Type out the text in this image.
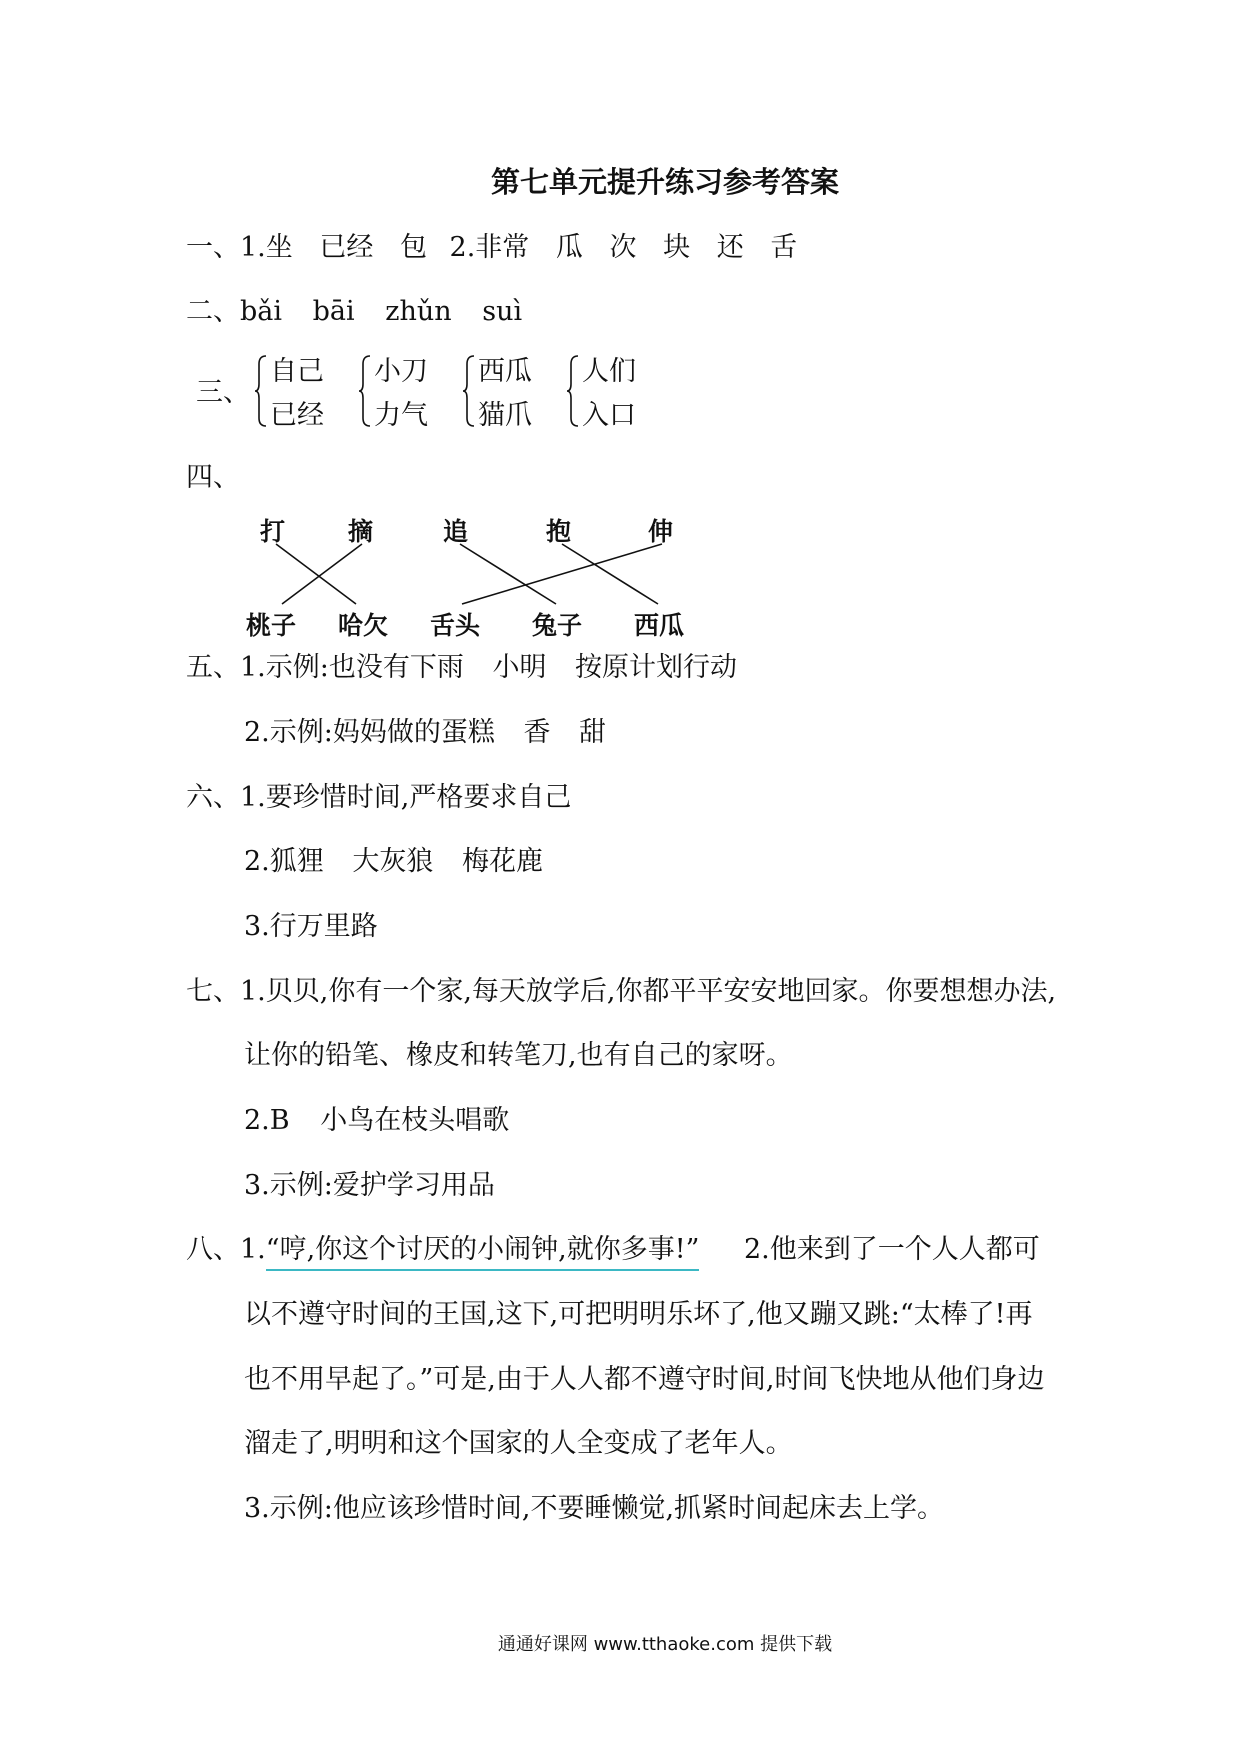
第七单元提升练习参考答案
一、1.坐 已经 包 2.非常 瓜 次 块 还 舌
二、bǎi bāi zhǔn suì
三、
自己
已经
小刀
力气
西瓜
猫爪
人们
入口
四、
打	摘	追	抱	伸
桃子 哈欠 舌头 兔子 西瓜
五、1.示例:也没有下雨 小明 按原计划行动
2.示例:妈妈做的蛋糕 香 甜
六、1.要珍惜时间,严格要求自己
2.狐狸 大灰狼 梅花鹿
3.行万里路
七、1.贝贝,你有一个家,每天放学后,你都平平安安地回家。你要想想办法,
让你的铅笔、橡皮和转笔刀,也有自己的家呀。
2.B 小鸟在枝头唱歌
3.示例:爱护学习用品
八、1.“哼,你这个讨厌的小闹钟,就你多事!” 2.他来到了一个人人都可
以不遵守时间的王国,这下,可把明明乐坏了,他又蹦又跳:“太棒了!再
也不用早起了。”可是,由于人人都不遵守时间,时间飞快地从他们身边
溜走了,明明和这个国家的人全变成了老年人。
3.示例:他应该珍惜时间,不要睡懒觉,抓紧时间起床去上学。
通通好课网 www.tthaoke.com 提供下载
